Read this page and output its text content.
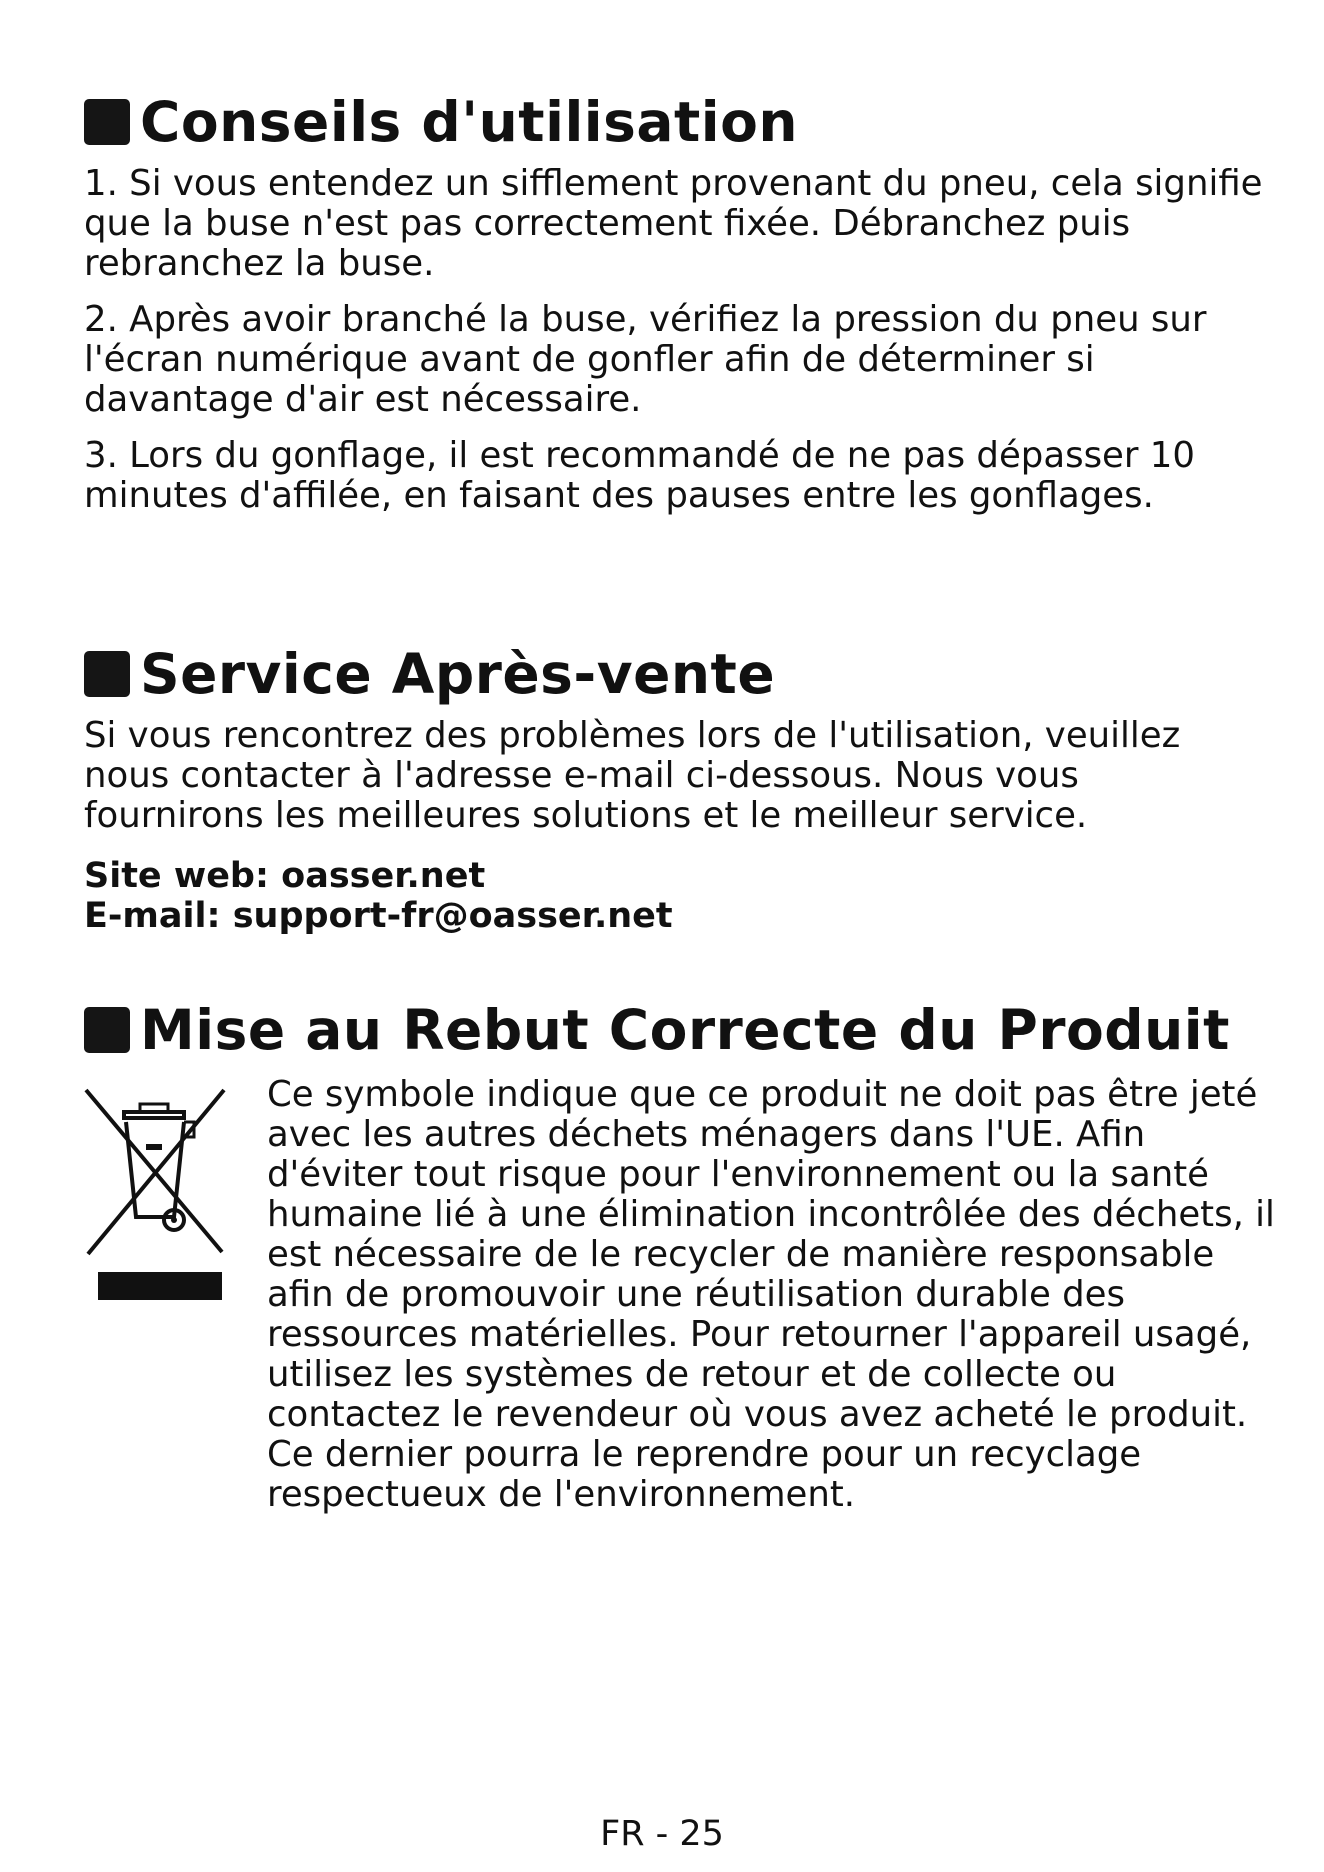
Conseils d'utilisation

1. Si vous entendez un sifflement provenant du pneu, cela signifie que la buse n'est pas correctement fixée. Débranchez puis rebranchez la buse.

2. Après avoir branché la buse, vérifiez la pression du pneu sur l'écran numérique avant de gonfler afin de déterminer si davantage d'air est nécessaire.

3. Lors du gonflage, il est recommandé de ne pas dépasser 10 minutes d'affilée, en faisant des pauses entre les gonflages.

Service Après-vente

Si vous rencontrez des problèmes lors de l'utilisation, veuillez nous contacter à l'adresse e-mail ci-dessous. Nous vous fournirons les meilleures solutions et le meilleur service.

Site web: oasser.net
E-mail: support-fr@oasser.net
Mise au Rebut Correcte du Produit
Ce symbole indique que ce produit ne doit pas être jeté avec les autres déchets ménagers dans l'UE. Afin d'éviter tout risque pour l'environnement ou la santé humaine lié à une élimination incontrôlée des déchets, il est nécessaire de le recycler de manière responsable afin de promouvoir une réutilisation durable des ressources matérielles. Pour retourner l'appareil usagé, utilisez les systèmes de retour et de collecte ou contactez le revendeur où vous avez acheté le produit. Ce dernier pourra le reprendre pour un recyclage respectueux de l'environnement.
FR - 25
